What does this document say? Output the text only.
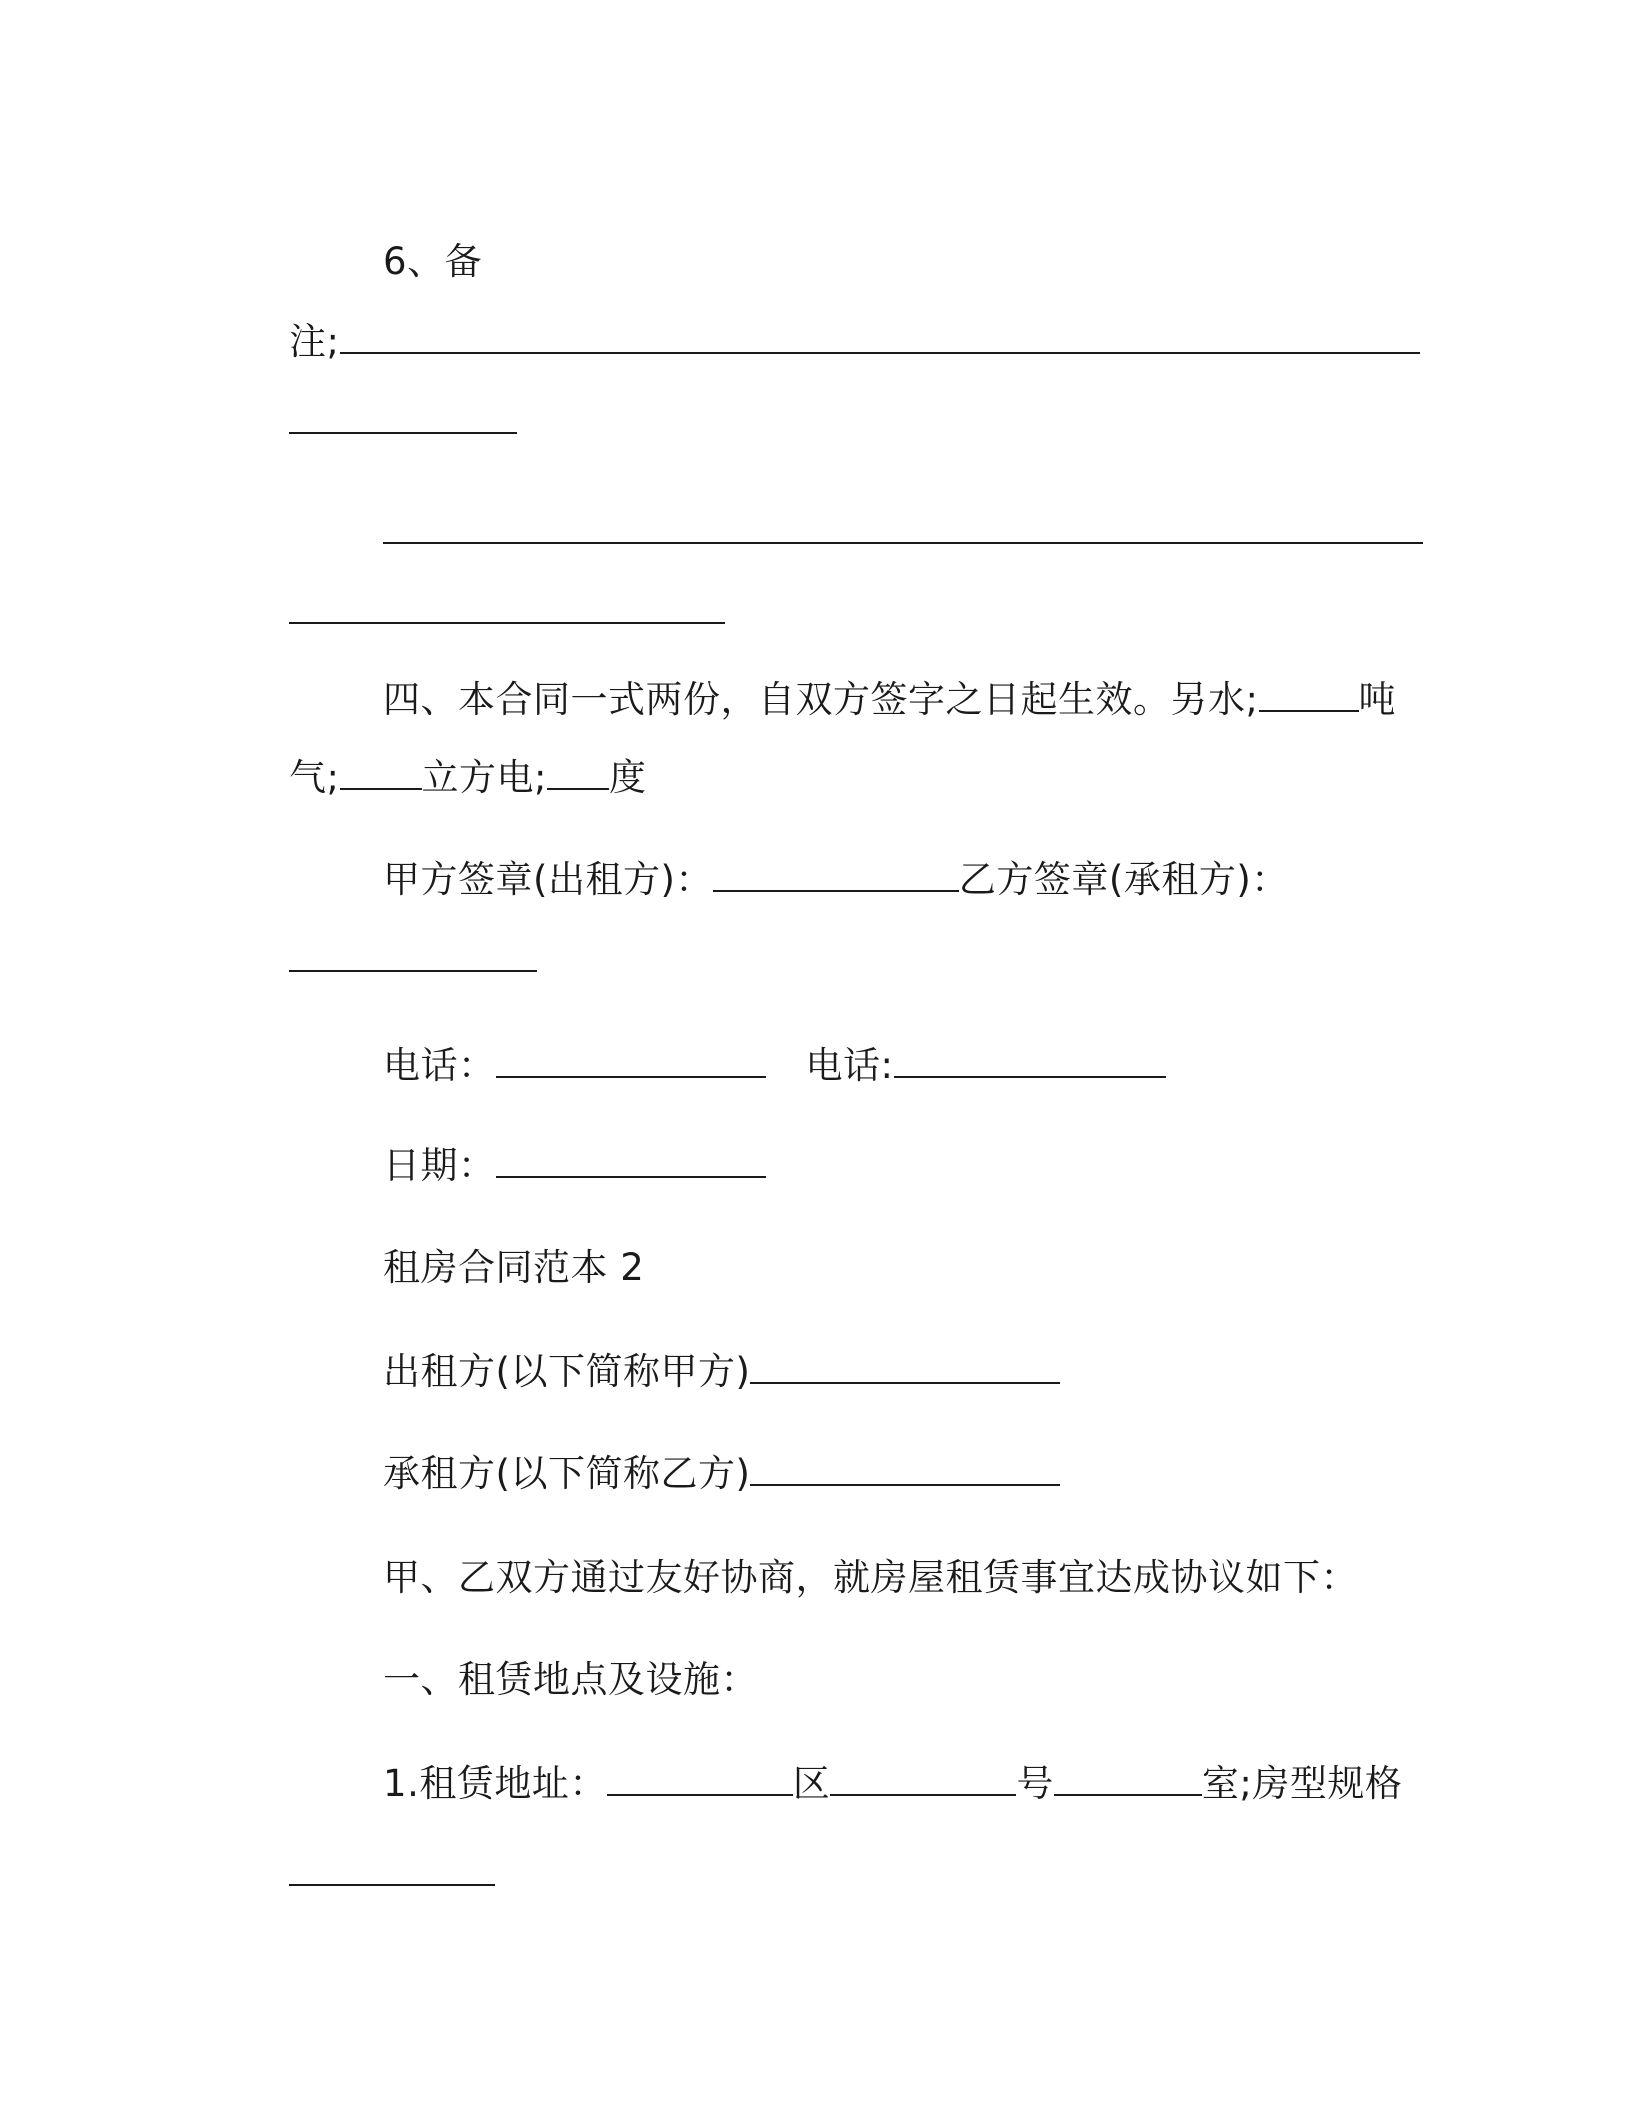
6、备

注;

四、本合同一式两份，自双方签字之日起生效。另水;	吨

气; 立方电; 度

甲方签章(出租方)：	乙方签章(承租方)：

电话：	电话:

日期：

租房合同范本 2

出租方(以下简称甲方)

承租方(以下简称乙方)

甲、乙双方通过友好协商，就房屋租赁事宜达成协议如下：

一、租赁地点及设施：

1.租赁地址：	区	号	室;房型规格
